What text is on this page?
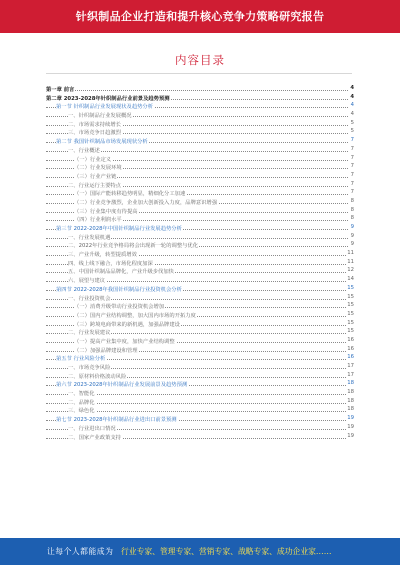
针织制品企业打造和提升核心竞争力策略研究报告
内容目录
第一章 前言	4
第二章 2023-2028年针织制品行业前景及趋势预测	4
第一节 针织制品行业发展现状及趋势分析	4
一、针织制品行业发展概况	4
二、市场需求持续增长	5
三、市场竞争日趋激烈	5
第二节 我国针织制品市场发展现状分析	7
一、行业概述	7
（一）行业定义	7
（二）行业发展环境	7
（三）行业产业链	7
二、行业运行主要特点	7
（一）国际产能转移趋势明显，精细化分工加速	7
（二）行业竞争激烈，企业加大创新投入力度，品牌意识增强	8
（三）行业集中度有待提高	8
（四）行业利润水平	8
第三节 2022-2028年中国针织制品行业发展趋势分析	9
一、行业发展机遇	9
二、2022年行业竞争格局将会出现新一轮的调整与优化	9
三、产业升级，转型提质增效	11
四、线上线下融合，市场化程度加深	11
五、中国针织制品品牌化，产业升级步伐加快	12
六、展望与建议	14
第四节 2022-2028年我国针织制品行业投资机会分析	15
一、行业投资机会	15
（一）消费升级带动行业投资机会增加	15
（二）国内产业结构调整，加大国内市场的开拓力度	15
（三）跨境电商带来的新机遇，加强品牌建设	15
二、行业发展建议	15
（一）提高产业集中度，加快产业结构调整	16
（二）加强品牌建设和管理	16
第五节 行业风险分析	16
一、市场竞争风险	17
二、原材料价格波动风险	17
第六节 2023-2028年针织制品行业发展前景及趋势预测	18
一、智能化	18
二、品牌化	18
三、绿色化	18
第七节 2023-2028年针织制品行业进出口前景预测	19
一、行业进出口情况	19
二、国家产业政策支持	19
让每个人都能成为 行业专家、管理专家、营销专家、战略专家、成功企业家……
